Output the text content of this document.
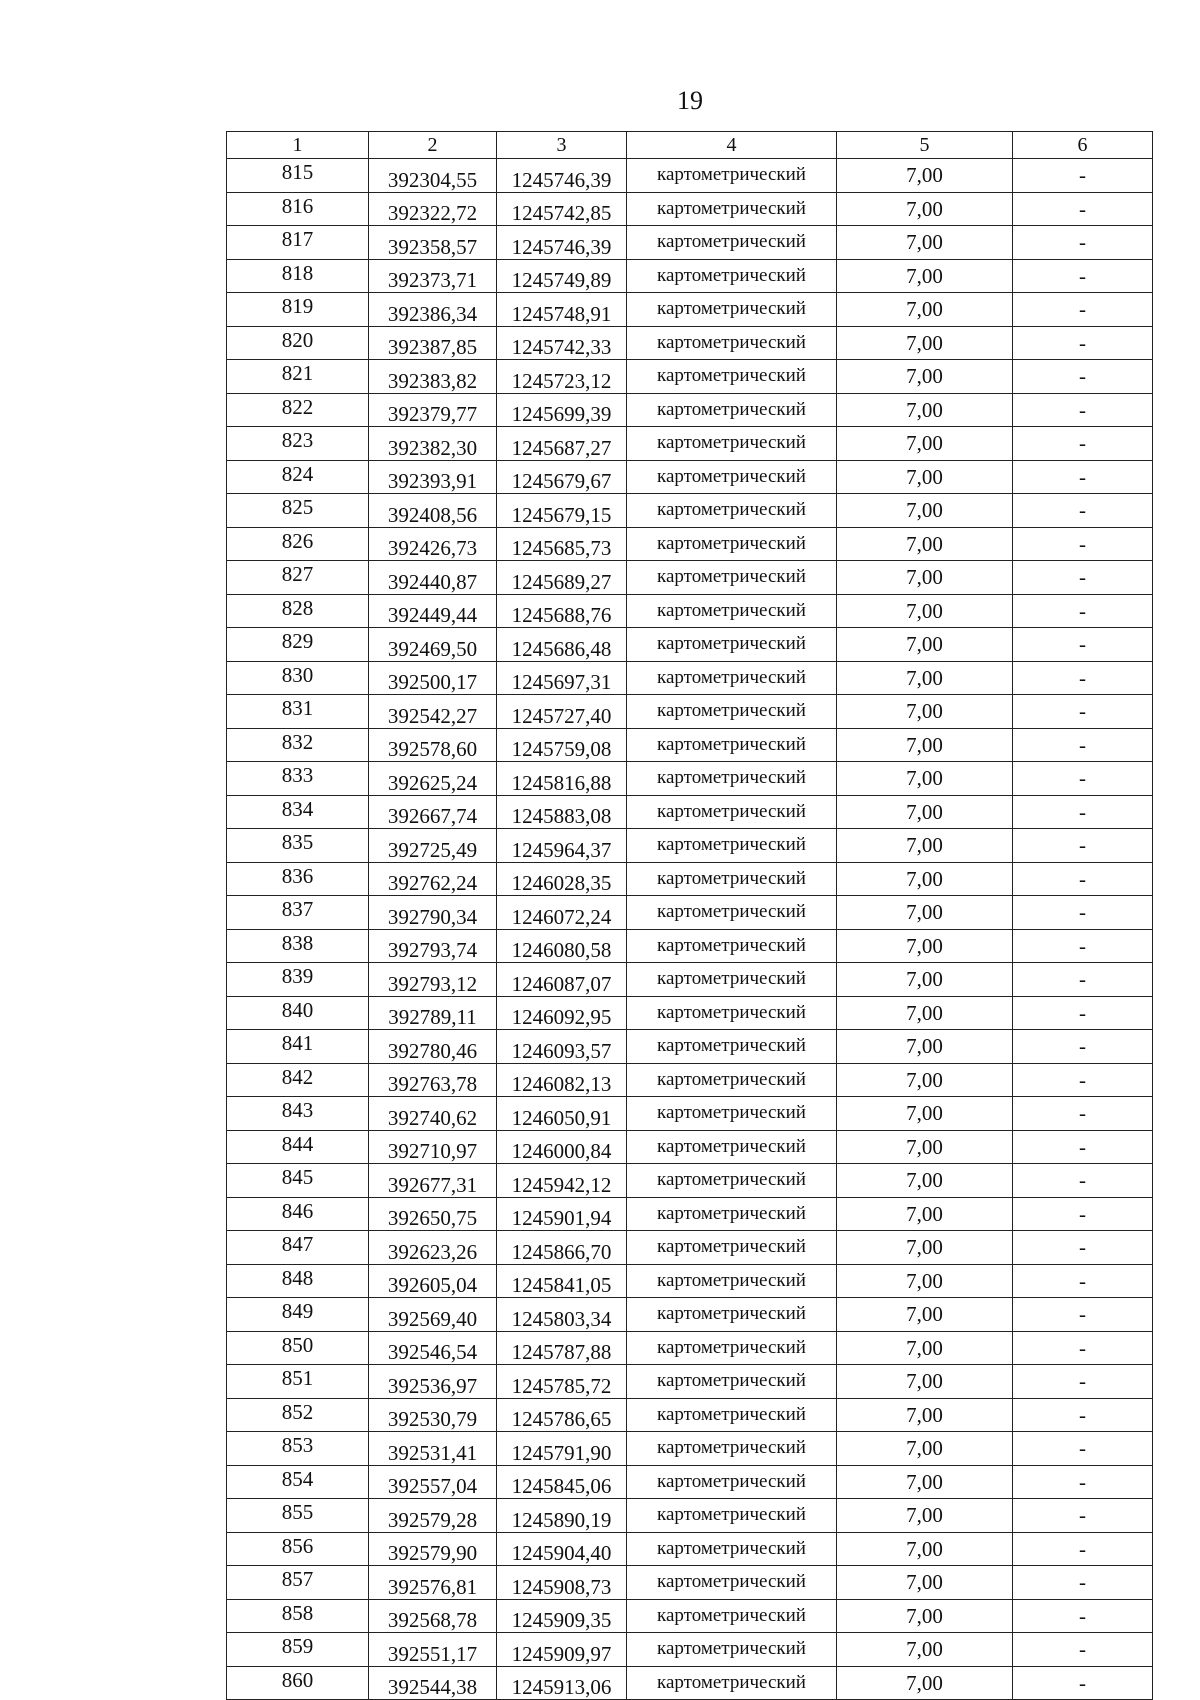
19
1	2	3	4	5	6
815	392304,55	1245746,39	картометрический	7,00	-
816	392322,72	1245742,85	картометрический	7,00	-
817	392358,57	1245746,39	картометрический	7,00	-
818	392373,71	1245749,89	картометрический	7,00	-
819	392386,34	1245748,91	картометрический	7,00	-
820	392387,85	1245742,33	картометрический	7,00	-
821	392383,82	1245723,12	картометрический	7,00	-
822	392379,77	1245699,39	картометрический	7,00	-
823	392382,30	1245687,27	картометрический	7,00	-
824	392393,91	1245679,67	картометрический	7,00	-
825	392408,56	1245679,15	картометрический	7,00	-
826	392426,73	1245685,73	картометрический	7,00	-
827	392440,87	1245689,27	картометрический	7,00	-
828	392449,44	1245688,76	картометрический	7,00	-
829	392469,50	1245686,48	картометрический	7,00	-
830	392500,17	1245697,31	картометрический	7,00	-
831	392542,27	1245727,40	картометрический	7,00	-
832	392578,60	1245759,08	картометрический	7,00	-
833	392625,24	1245816,88	картометрический	7,00	-
834	392667,74	1245883,08	картометрический	7,00	-
835	392725,49	1245964,37	картометрический	7,00	-
836	392762,24	1246028,35	картометрический	7,00	-
837	392790,34	1246072,24	картометрический	7,00	-
838	392793,74	1246080,58	картометрический	7,00	-
839	392793,12	1246087,07	картометрический	7,00	-
840	392789,11	1246092,95	картометрический	7,00	-
841	392780,46	1246093,57	картометрический	7,00	-
842	392763,78	1246082,13	картометрический	7,00	-
843	392740,62	1246050,91	картометрический	7,00	-
844	392710,97	1246000,84	картометрический	7,00	-
845	392677,31	1245942,12	картометрический	7,00	-
846	392650,75	1245901,94	картометрический	7,00	-
847	392623,26	1245866,70	картометрический	7,00	-
848	392605,04	1245841,05	картометрический	7,00	-
849	392569,40	1245803,34	картометрический	7,00	-
850	392546,54	1245787,88	картометрический	7,00	-
851	392536,97	1245785,72	картометрический	7,00	-
852	392530,79	1245786,65	картометрический	7,00	-
853	392531,41	1245791,90	картометрический	7,00	-
854	392557,04	1245845,06	картометрический	7,00	-
855	392579,28	1245890,19	картометрический	7,00	-
856	392579,90	1245904,40	картометрический	7,00	-
857	392576,81	1245908,73	картометрический	7,00	-
858	392568,78	1245909,35	картометрический	7,00	-
859	392551,17	1245909,97	картометрический	7,00	-
860	392544,38	1245913,06	картометрический	7,00	-
